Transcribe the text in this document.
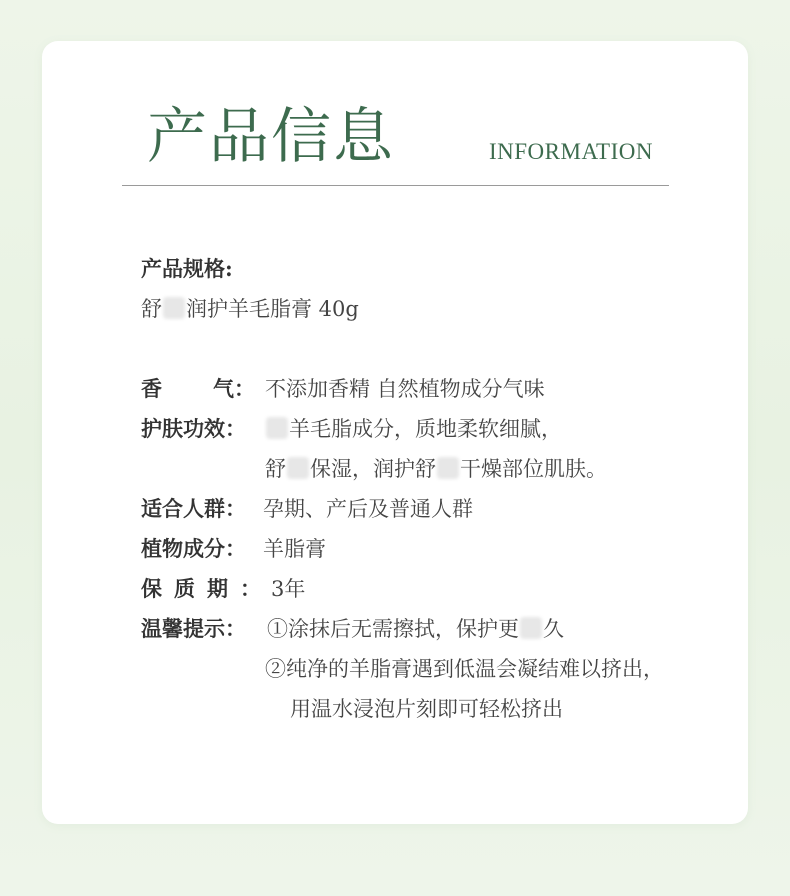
产品信息	INFORMATION
产品规格:
舒 润护羊毛脂膏 40g
香 气： 不添加香精 自然植物成分气味
护肤功效： 羊毛脂成分，质地柔软细腻，
舒 保湿，润护舒 干燥部位肌肤。
适合人群： 孕期、产后及普通人群
植物成分： 羊脂膏
保质期：3年
温馨提示： ①涂抹后无需擦拭，保护更 久
②纯净的羊脂膏遇到低温会凝结难以挤出，
用温水浸泡片刻即可轻松挤出
